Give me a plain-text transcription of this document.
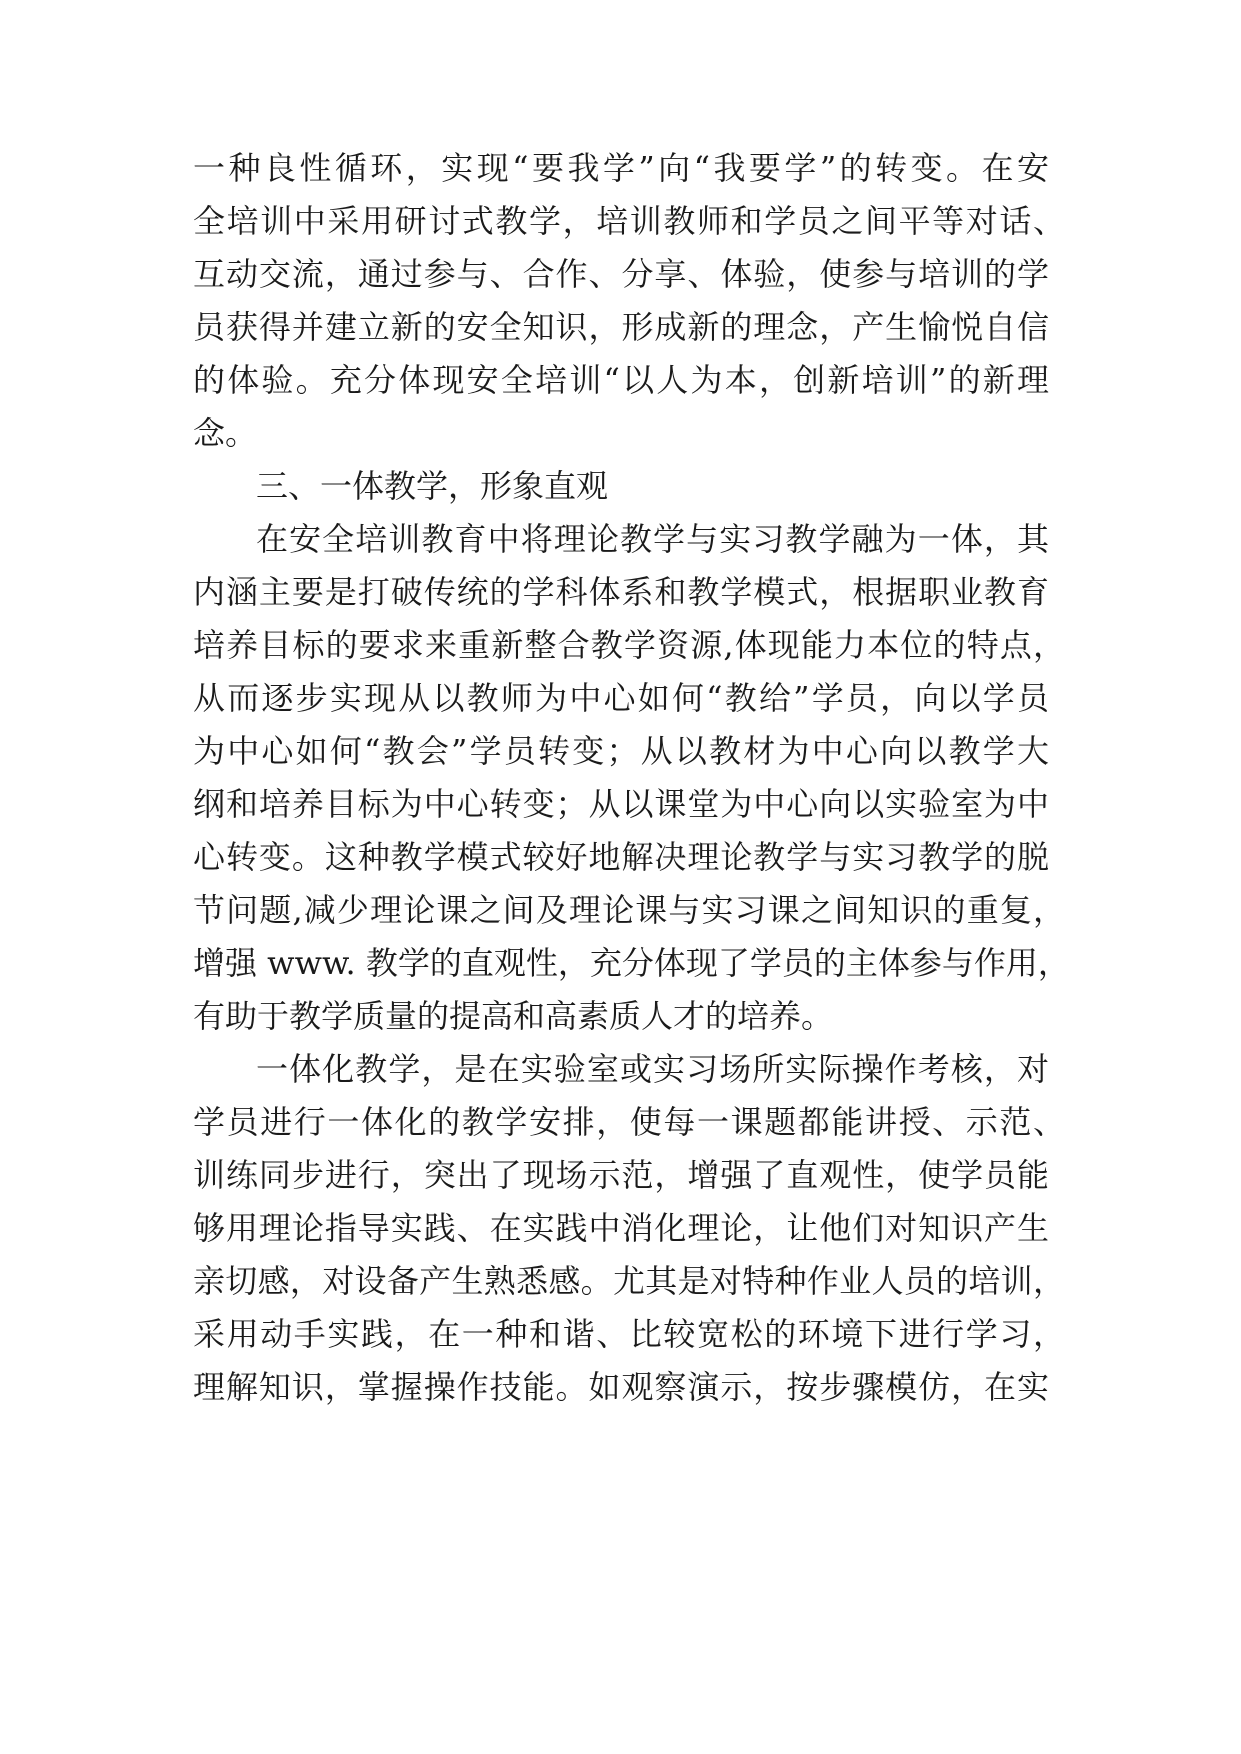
一种良性循环，实现“要我学”向“我要学”的转变。在安
全培训中采用研讨式教学，培训教师和学员之间平等对话、
互动交流，通过参与、合作、分享、体验，使参与培训的学
员获得并建立新的安全知识，形成新的理念，产生愉悦自信
的体验。充分体现安全培训“以人为本，创新培训”的新理
念。
三、一体教学，形象直观
在安全培训教育中将理论教学与实习教学融为一体，其
内涵主要是打破传统的学科体系和教学模式，根据职业教育
培养目标的要求来重新整合教学资源,体现能力本位的特点，
从而逐步实现从以教师为中心如何“教给”学员，向以学员
为中心如何“教会”学员转变；从以教材为中心向以教学大
纲和培养目标为中心转变；从以课堂为中心向以实验室为中
心转变。这种教学模式较好地解决理论教学与实习教学的脱
节问题,减少理论课之间及理论课与实习课之间知识的重复，
增强 www. 教学的直观性，充分体现了学员的主体参与作用，
有助于教学质量的提高和高素质人才的培养。
一体化教学，是在实验室或实习场所实际操作考核，对
学员进行一体化的教学安排，使每一课题都能讲授、示范、
训练同步进行，突出了现场示范，增强了直观性，使学员能
够用理论指导实践、在实践中消化理论，让他们对知识产生
亲切感，对设备产生熟悉感。尤其是对特种作业人员的培训，
采用动手实践，在一种和谐、比较宽松的环境下进行学习，
理解知识，掌握操作技能。如观察演示，按步骤模仿，在实
